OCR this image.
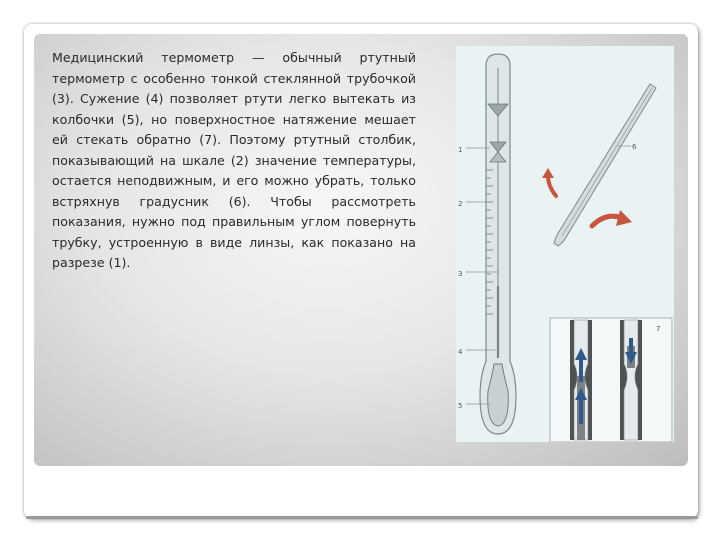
Медицинский термометр — обычный ртутный термометр с особенно тонкой стеклянной трубочкой (3). Сужение (4) позволяет ртути легко вытекать из колбочки (5), но поверхностное натяжение мешает ей стекать обратно (7). Поэтому ртутный столбик, показывающий на шкале (2) значение температуры, остается неподвижным, и его можно убрать, только встряхнув градусник (6). Чтобы рассмотреть показания, нужно под правильным углом повернуть трубку, устроенную в виде линзы, как показано на разрезе (1).
1
2
3
4
5
6
7
